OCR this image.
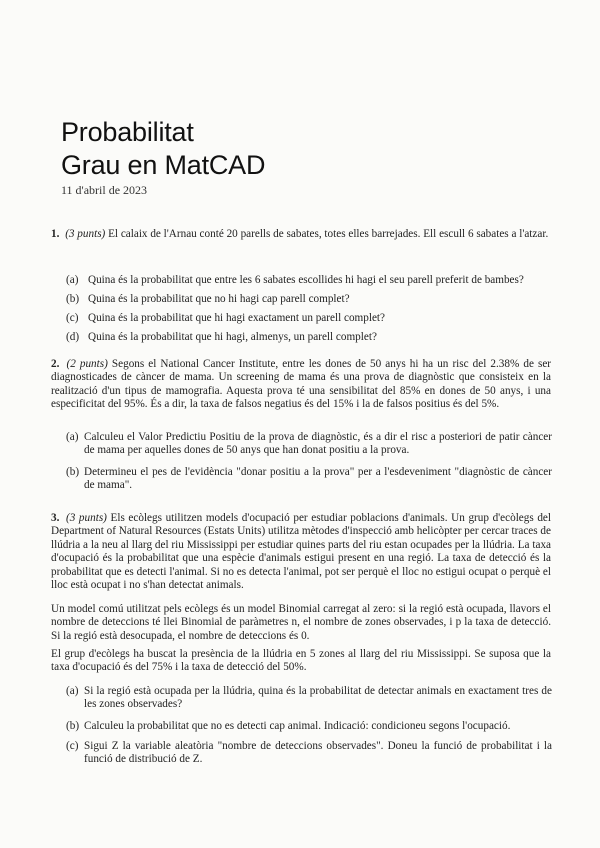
Probabilitat
Grau en MatCAD
11 d'abril de 2023
1. (3 punts) El calaix de l'Arnau conté 20 parells de sabates, totes elles barrejades. Ell escull 6 sabates a l'atzar.
(a) Quina és la probabilitat que entre les 6 sabates escollides hi hagi el seu parell preferit de bambes?
(b) Quina és la probabilitat que no hi hagi cap parell complet?
(c) Quina és la probabilitat que hi hagi exactament un parell complet?
(d) Quina és la probabilitat que hi hagi, almenys, un parell complet?
2. (2 punts) Segons el National Cancer Institute, entre les dones de 50 anys hi ha un risc del 2.38% de ser diagnosticades de càncer de mama. Un screening de mama és una prova de diagnòstic que consisteix en la realització d'un tipus de mamografia. Aquesta prova té una sensibilitat del 85% en dones de 50 anys, i una especificitat del 95%. És a dir, la taxa de falsos negatius és del 15% i la de falsos positius és del 5%.
(a) Calculeu el Valor Predictiu Positiu de la prova de diagnòstic, és a dir el risc a posteriori de patir càncer de mama per aquelles dones de 50 anys que han donat positiu a la prova.
(b) Determineu el pes de l'evidència "donar positiu a la prova" per a l'esdeveniment "diagnòstic de càncer de mama".
3. (3 punts) Els ecòlegs utilitzen models d'ocupació per estudiar poblacions d'animals. Un grup d'ecòlegs del Department of Natural Resources (Estats Units) utilitza mètodes d'inspecció amb helicòpter per cercar traces de llúdria a la neu al llarg del riu Mississippi per estudiar quines parts del riu estan ocupades per la llúdria. La taxa d'ocupació és la probabilitat que una espècie d'animals estigui present en una regió. La taxa de detecció és la probabilitat que es detecti l'animal. Si no es detecta l'animal, pot ser perquè el lloc no estigui ocupat o perquè el lloc està ocupat i no s'han detectat animals.
Un model comú utilitzat pels ecòlegs és un model Binomial carregat al zero: si la regió està ocupada, llavors el nombre de deteccions té llei Binomial de paràmetres n, el nombre de zones observades, i p la taxa de detecció. Si la regió està desocupada, el nombre de deteccions és 0.
El grup d'ecòlegs ha buscat la presència de la llúdria en 5 zones al llarg del riu Mississippi. Se suposa que la taxa d'ocupació és del 75% i la taxa de detecció del 50%.
(a) Si la regió està ocupada per la llúdria, quina és la probabilitat de detectar animals en exactament tres de les zones observades?
(b) Calculeu la probabilitat que no es detecti cap animal. Indicació: condicioneu segons l'ocupació.
(c) Sigui Z la variable aleatòria "nombre de deteccions observades". Doneu la funció de probabilitat i la funció de distribució de Z.
